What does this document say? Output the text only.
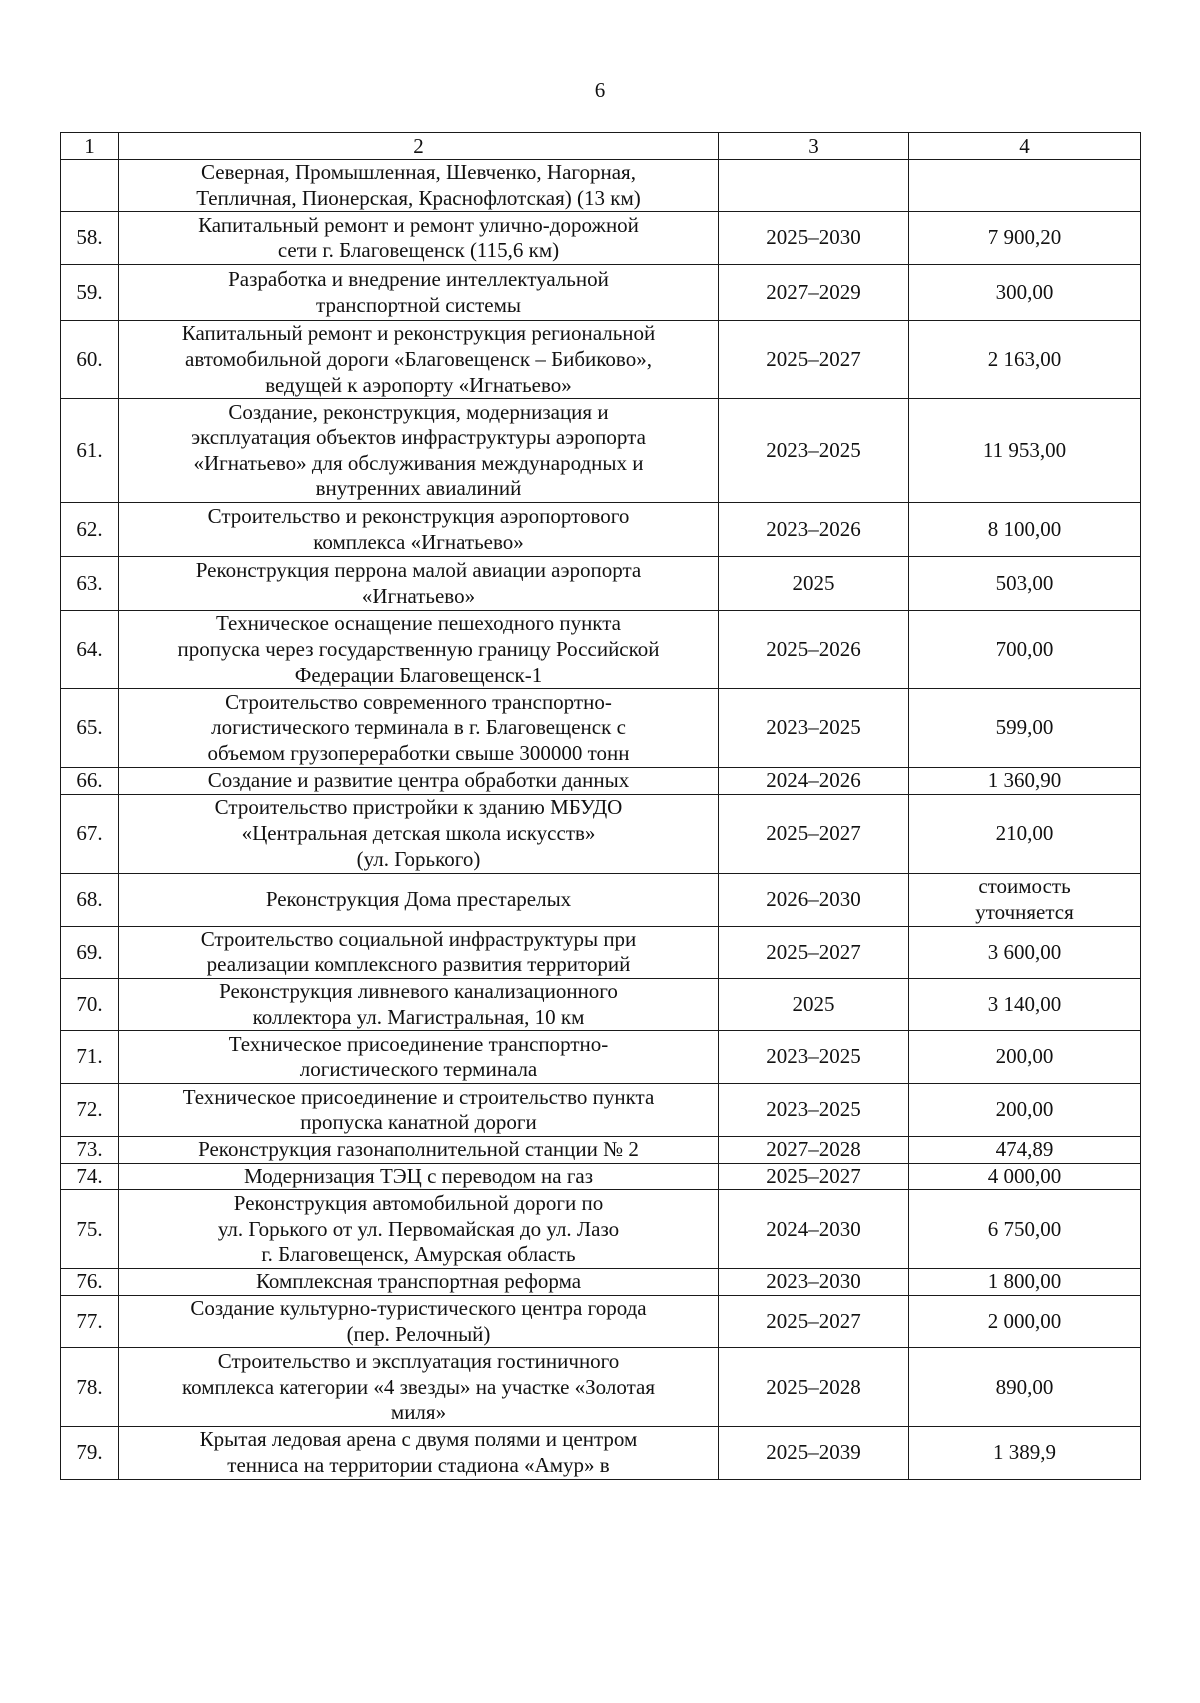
6
1	2	3	4

	Северная, Промышленная, Шевченко, Нагорная,
Тепличная, Пионерская, Краснофлотская) (13 км)		

58.	Капитальный ремонт и ремонт улично-дорожной
сети г. Благовещенск (115,6 км)	2025–2030	7 900,20

59.	Разработка и внедрение интеллектуальной
транспортной системы	2027–2029	300,00

60.	Капитальный ремонт и реконструкция региональной
автомобильной дороги «Благовещенск – Бибиково»,
ведущей к аэропорту «Игнатьево»	2025–2027	2 163,00

61.	Создание, реконструкция, модернизация и
эксплуатация объектов инфраструктуры аэропорта
«Игнатьево» для обслуживания международных и
внутренних авиалиний	2023–2025	11 953,00

62.	Строительство и реконструкция аэропортового
комплекса «Игнатьево»	2023–2026	8 100,00

63.	Реконструкция перрона малой авиации аэропорта
«Игнатьево»	2025	503,00

64.	Техническое оснащение пешеходного пункта
пропуска через государственную границу Российской
Федерации Благовещенск-1	2025–2026	700,00

65.	Строительство современного транспортно-
логистического терминала в г. Благовещенск с
объемом грузопереработки свыше 300000 тонн	2023–2025	599,00

66.	Создание и развитие центра обработки данных	2024–2026	1 360,90

67.	Строительство пристройки к зданию МБУДО
«Центральная детская школа искусств»
(ул. Горького)	2025–2027	210,00

68.	Реконструкция Дома престарелых	2026–2030	стоимость
уточняется

69.	Строительство социальной инфраструктуры при
реализации комплексного развития территорий	2025–2027	3 600,00

70.	Реконструкция ливневого канализационного
коллектора ул. Магистральная, 10 км	2025	3 140,00

71.	Техническое присоединение транспортно-
логистического терминала	2023–2025	200,00

72.	Техническое присоединение и строительство пункта
пропуска канатной дороги	2023–2025	200,00

73.	Реконструкция газонаполнительной станции № 2	2027–2028	474,89

74.	Модернизация ТЭЦ с переводом на газ	2025–2027	4 000,00

75.	Реконструкция автомобильной дороги по
ул. Горького от ул. Первомайская до ул. Лазо
г. Благовещенск, Амурская область	2024–2030	6 750,00

76.	Комплексная транспортная реформа	2023–2030	1 800,00

77.	Создание культурно-туристического центра города
(пер. Релочный)	2025–2027	2 000,00

78.	Строительство и эксплуатация гостиничного
комплекса категории «4 звезды» на участке «Золотая
миля»	2025–2028	890,00

79.	Крытая ледовая арена с двумя полями и центром
тенниса на территории стадиона «Амур» в	2025–2039	1 389,9
